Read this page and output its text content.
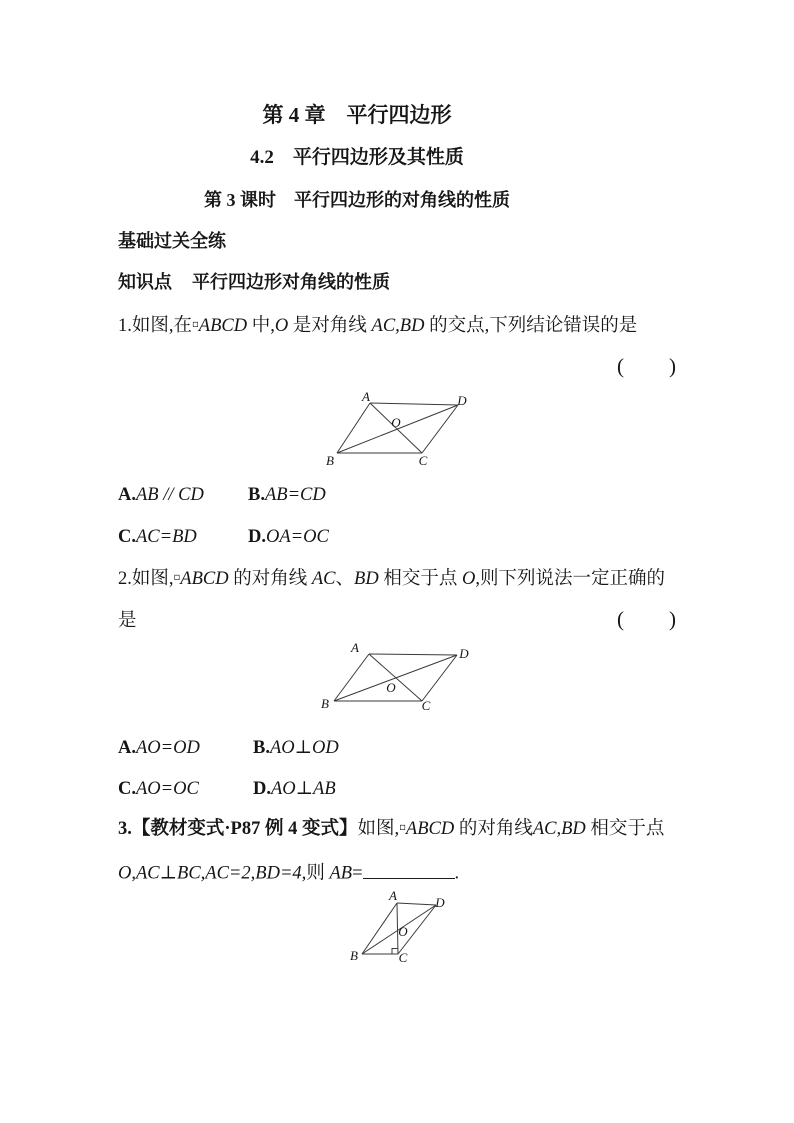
第 4 章　平行四边形
4.2　平行四边形及其性质
第 3 课时　平行四边形的对角线的性质
基础过关全练
知识点 平行四边形对角线的性质
1.如图,在▫ABCD 中,O 是对角线 AC,BD 的交点,下列结论错误的是
(　　)
A	D
B	C
O
A.AB // CD B.AB=CD
C.AC=BD	D.OA=OC
2.如图,▫ABCD 的对角线 AC、BD 相交于点 O,则下列说法一定正确的
是	(　　)
A	D
B	C
O
A.AO=OD	B.AO⊥OD
C.AO=OC	D.AO⊥AB
3.【教材变式·P87 例 4 变式】如图,▫ABCD 的对角线AC,BD 相交于点
O,AC⊥BC,AC=2,BD=4,则 AB=	.
A	D
B	C
O
